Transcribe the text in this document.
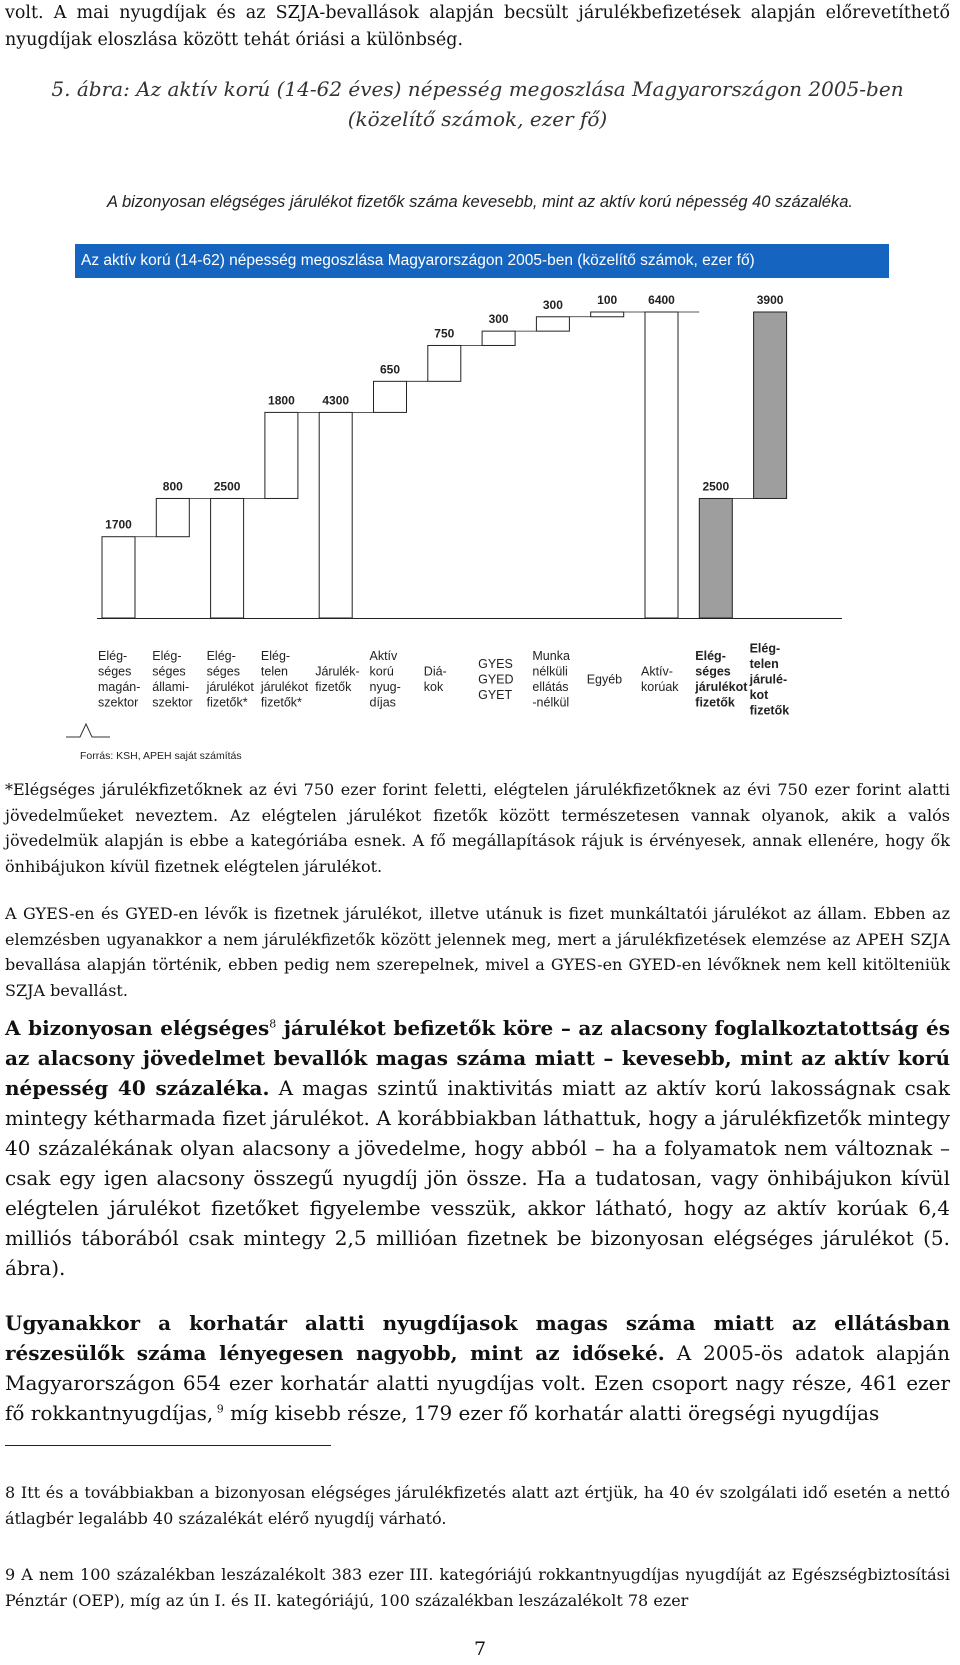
volt. A mai nyugdíjak és az SZJA-bevallások alapján becsült járulékbefizetések alapján előrevetíthető nyugdíjak eloszlása között tehát óriási a különbség.

5. ábra: Az aktív korú (14-62 éves) népesség megoszlása Magyarországon 2005-ben (közelítő számok, ezer fő)
A bizonyosan elégséges járulékot fizetők száma kevesebb, mint az aktív korú népesség 40 százaléka.
Az aktív korú (14-62) népesség megoszlása Magyarországon 2005-ben (közelítő számok, ezer fő)
1700
Elég-séges magán-szektor
800
Elég-séges állami-szektor
2500
Elég-séges járulékot fizetők*
1800
Elég-telen járulékot fizetők*
4300
Járulék-fizetők
650
Aktív korú nyug-díjas
750
Diá-kok
300
GYES GYED GYET
300
Munka nélküli ellátás -nélkül
100
Egyéb
6400
Aktív-korúak
2500
Elég-séges járulékot fizetők
3900
Elég-telen járulé-kot fizetők
Forrás: KSH, APEH saját számítás

*Elégséges járulékfizetőknek az évi 750 ezer forint feletti, elégtelen járulékfizetőknek az évi 750 ezer forint alatti jövedelműeket neveztem. Az elégtelen járulékot fizetők között természetesen vannak olyanok, akik a valós jövedelmük alapján is ebbe a kategóriába esnek. A fő megállapítások rájuk is érvényesek, annak ellenére, hogy ők önhibájukon kívül fizetnek elégtelen járulékot.

A GYES-en és GYED-en lévők is fizetnek járulékot, illetve utánuk is fizet munkáltatói járulékot az állam. Ebben az elemzésben ugyanakkor a nem járulékfizetők között jelennek meg, mert a járulékfizetések elemzése az APEH SZJA bevallása alapján történik, ebben pedig nem szerepelnek, mivel a GYES-en GYED-en lévőknek nem kell kitölteniük SZJA bevallást.

A bizonyosan elégséges$^8$ járulékot befizetők köre – az alacsony foglalkoztatottság és az alacsony jövedelmet bevallók magas száma miatt – kevesebb, mint az aktív korú népesség 40 százaléka. A magas szintű inaktivitás miatt az aktív korú lakosságnak csak mintegy kétharmada fizet járulékot. A korábbiakban láthattuk, hogy a járulékfizetők mintegy 40 százalékának olyan alacsony a jövedelme, hogy abból – ha a folyamatok nem változnak – csak egy igen alacsony összegű nyugdíj jön össze. Ha a tudatosan, vagy önhibájukon kívül elégtelen járulékot fizetőket figyelembe vesszük, akkor látható, hogy az aktív korúak 6,4 milliós táborából csak mintegy 2,5 millióan fizetnek be bizonyosan elégséges járulékot (5. ábra).

Ugyanakkor a korhatár alatti nyugdíjasok magas száma miatt az ellátásban részesülők száma lényegesen nagyobb, mint az időseké. A 2005-ös adatok alapján Magyarországon 654 ezer korhatár alatti nyugdíjas volt. Ezen csoport nagy része, 461 ezer fő rokkantnyugdíjas, $^9$ míg kisebb része, 179 ezer fő korhatár alatti öregségi nyugdíjas

8 Itt és a továbbiakban a bizonyosan elégséges járulékfizetés alatt azt értjük, ha 40 év szolgálati idő esetén a nettó átlagbér legalább 40 százalékát elérő nyugdíj várható.

9 A nem 100 százalékban leszázalékolt 383 ezer III. kategóriájú rokkantnyugdíjas nyugdíját az Egészségbiztosítási Pénztár (OEP), míg az ún I. és II. kategóriájú, 100 százalékban leszázalékolt 78 ezer

7
